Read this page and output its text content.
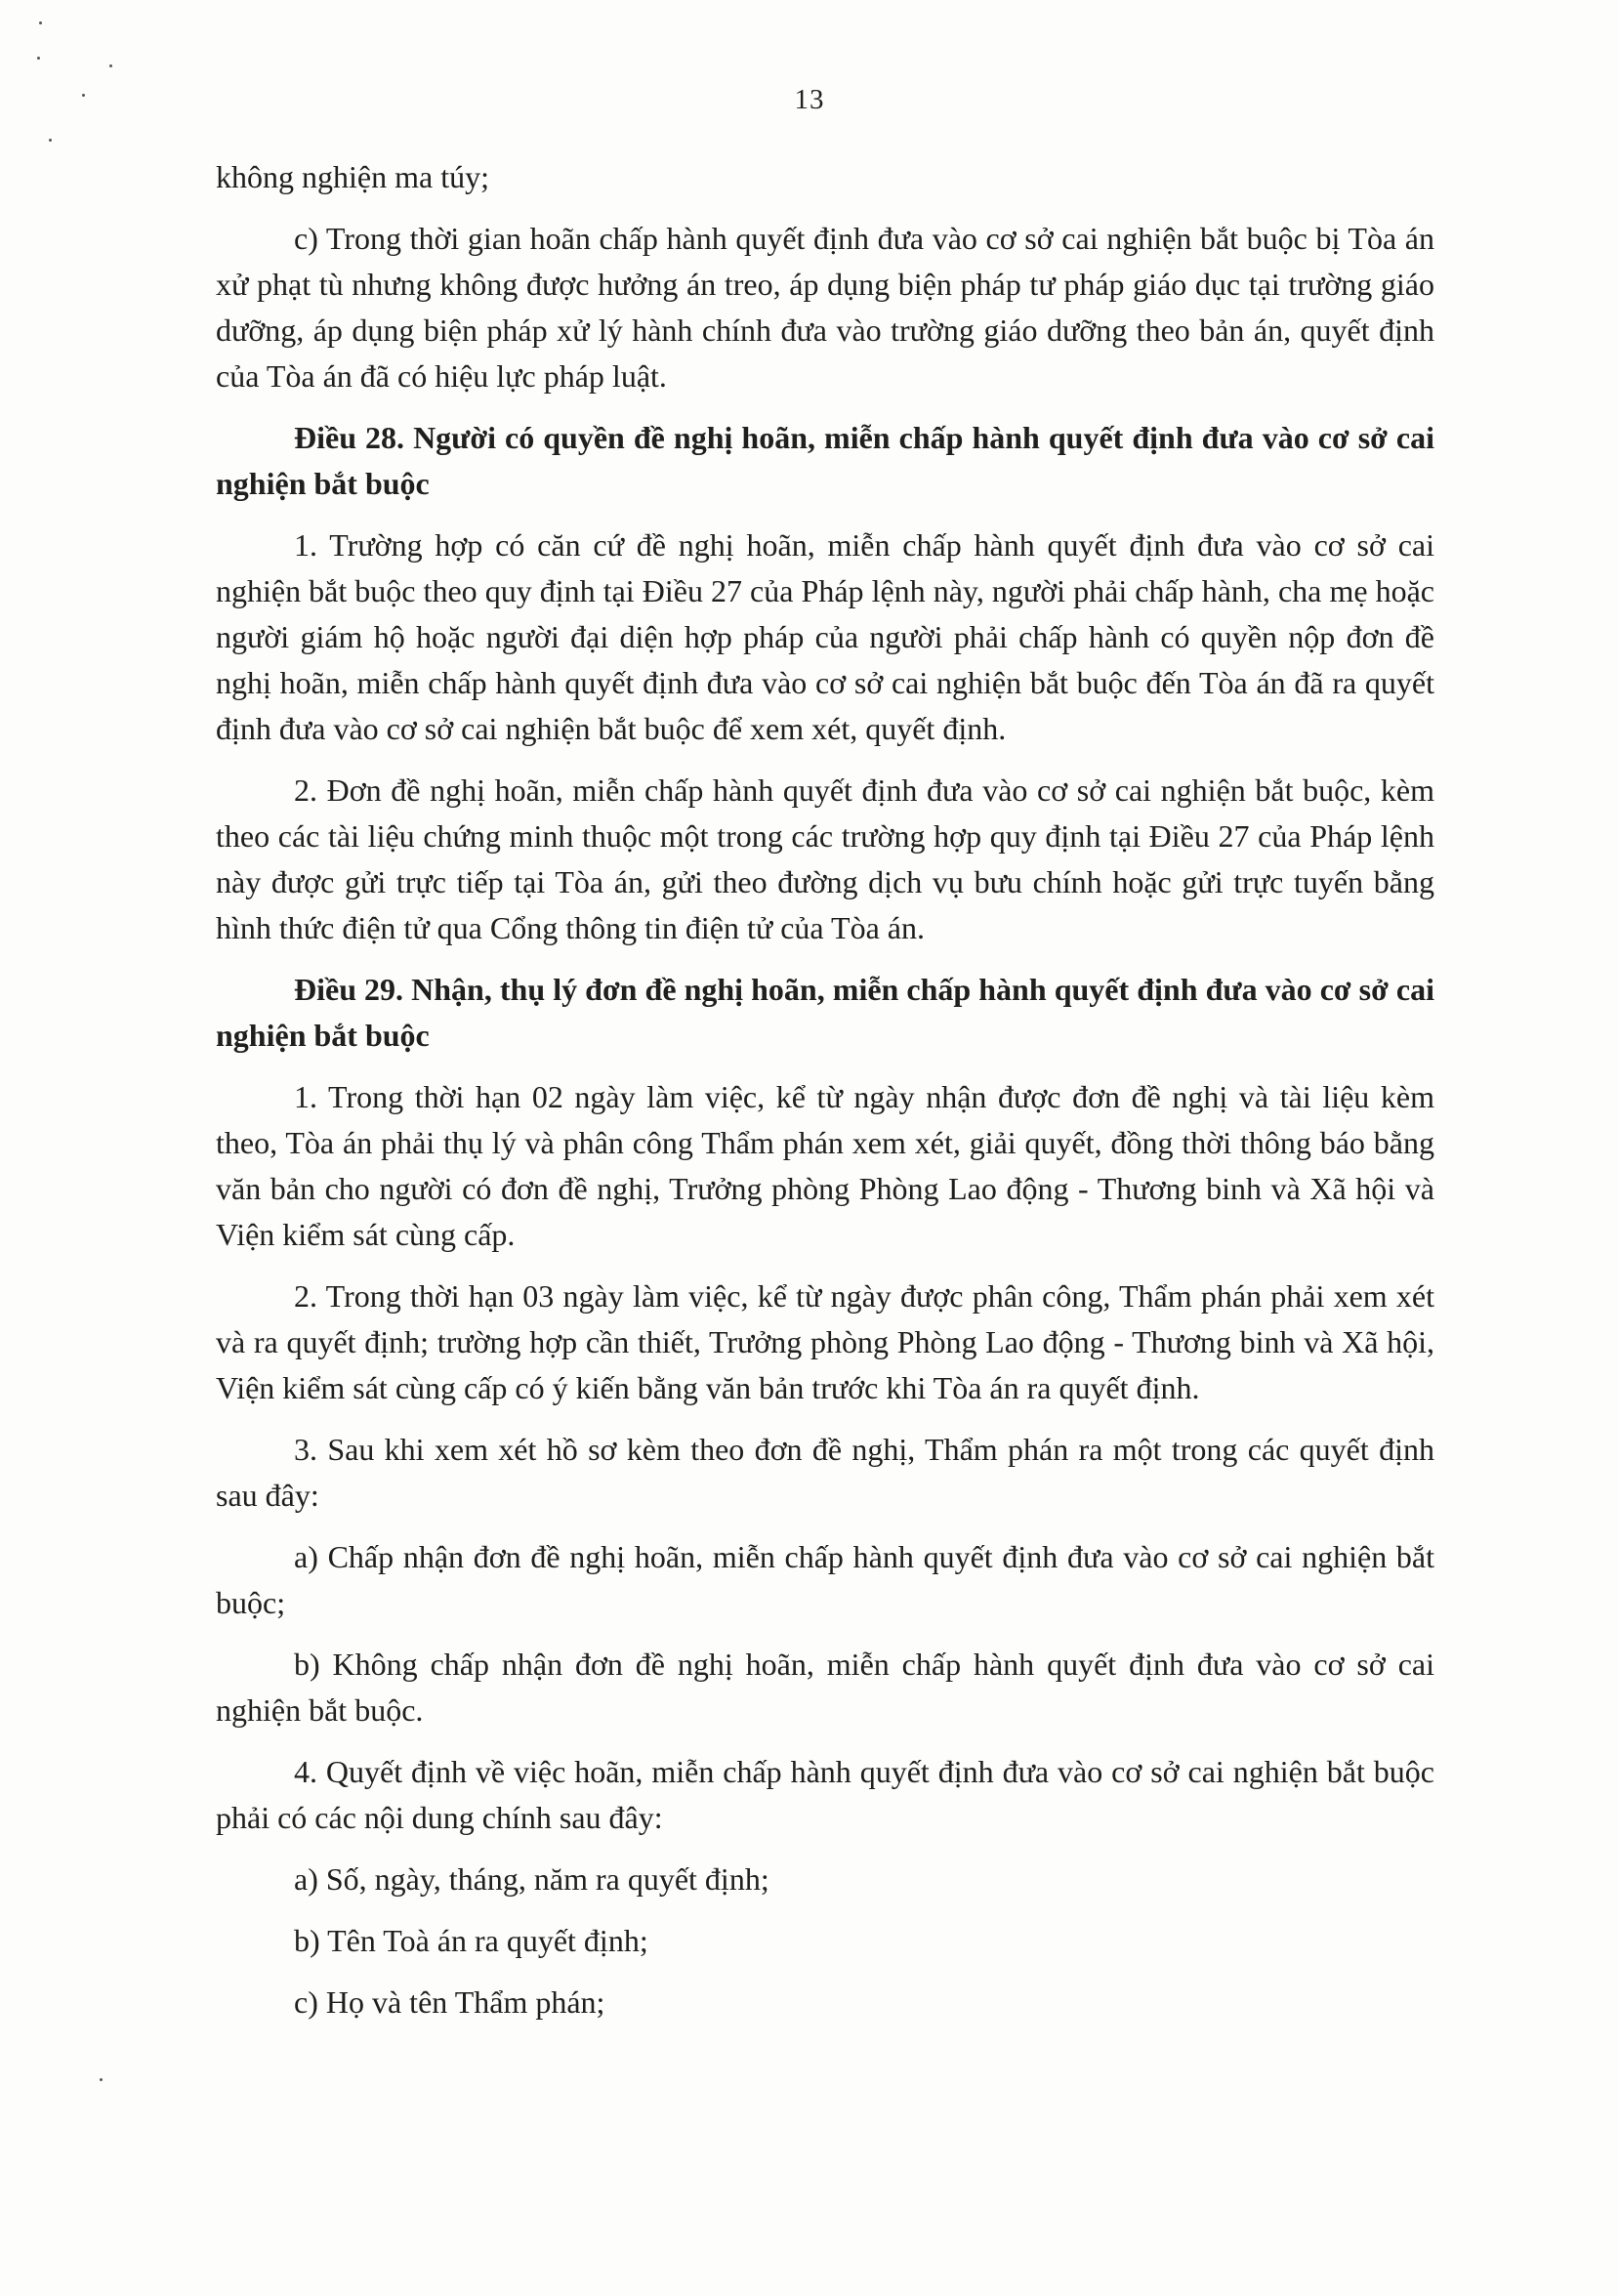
13

không nghiện ma túy;

c) Trong thời gian hoãn chấp hành quyết định đưa vào cơ sở cai nghiện bắt buộc bị Tòa án xử phạt tù nhưng không được hưởng án treo, áp dụng biện pháp tư pháp giáo dục tại trường giáo dưỡng, áp dụng biện pháp xử lý hành chính đưa vào trường giáo dưỡng theo bản án, quyết định của Tòa án đã có hiệu lực pháp luật.

Điều 28. Người có quyền đề nghị hoãn, miễn chấp hành quyết định đưa vào cơ sở cai nghiện bắt buộc

1. Trường hợp có căn cứ đề nghị hoãn, miễn chấp hành quyết định đưa vào cơ sở cai nghiện bắt buộc theo quy định tại Điều 27 của Pháp lệnh này, người phải chấp hành, cha mẹ hoặc người giám hộ hoặc người đại diện hợp pháp của người phải chấp hành có quyền nộp đơn đề nghị hoãn, miễn chấp hành quyết định đưa vào cơ sở cai nghiện bắt buộc đến Tòa án đã ra quyết định đưa vào cơ sở cai nghiện bắt buộc để xem xét, quyết định.

2. Đơn đề nghị hoãn, miễn chấp hành quyết định đưa vào cơ sở cai nghiện bắt buộc, kèm theo các tài liệu chứng minh thuộc một trong các trường hợp quy định tại Điều 27 của Pháp lệnh này được gửi trực tiếp tại Tòa án, gửi theo đường dịch vụ bưu chính hoặc gửi trực tuyến bằng hình thức điện tử qua Cổng thông tin điện tử của Tòa án.

Điều 29. Nhận, thụ lý đơn đề nghị hoãn, miễn chấp hành quyết định đưa vào cơ sở cai nghiện bắt buộc

1. Trong thời hạn 02 ngày làm việc, kể từ ngày nhận được đơn đề nghị và tài liệu kèm theo, Tòa án phải thụ lý và phân công Thẩm phán xem xét, giải quyết, đồng thời thông báo bằng văn bản cho người có đơn đề nghị, Trưởng phòng Phòng Lao động - Thương binh và Xã hội và Viện kiểm sát cùng cấp.

2. Trong thời hạn 03 ngày làm việc, kể từ ngày được phân công, Thẩm phán phải xem xét và ra quyết định; trường hợp cần thiết, Trưởng phòng Phòng Lao động - Thương binh và Xã hội, Viện kiểm sát cùng cấp có ý kiến bằng văn bản trước khi Tòa án ra quyết định.

3. Sau khi xem xét hồ sơ kèm theo đơn đề nghị, Thẩm phán ra một trong các quyết định sau đây:

a) Chấp nhận đơn đề nghị hoãn, miễn chấp hành quyết định đưa vào cơ sở cai nghiện bắt buộc;

b) Không chấp nhận đơn đề nghị hoãn, miễn chấp hành quyết định đưa vào cơ sở cai nghiện bắt buộc.

4. Quyết định về việc hoãn, miễn chấp hành quyết định đưa vào cơ sở cai nghiện bắt buộc phải có các nội dung chính sau đây:

a) Số, ngày, tháng, năm ra quyết định;

b) Tên Toà án ra quyết định;

c) Họ và tên Thẩm phán;
